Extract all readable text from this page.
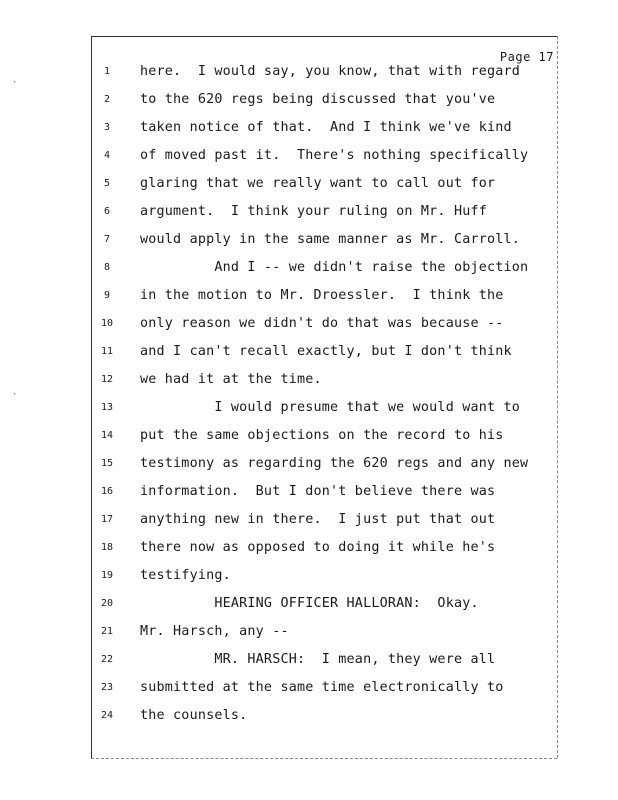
·
·
Page 17
1	here.  I would say, you know, that with regard
2	to the 620 regs being discussed that you've
3	taken notice of that.  And I think we've kind
4	of moved past it.  There's nothing specifically
5	glaring that we really want to call out for
6	argument.  I think your ruling on Mr. Huff
7	would apply in the same manner as Mr. Carroll.
8	And I -- we didn't raise the objection
9	in the motion to Mr. Droessler.  I think the
10	only reason we didn't do that was because --
11	and I can't recall exactly, but I don't think
12	we had it at the time.
13	I would presume that we would want to
14	put the same objections on the record to his
15	testimony as regarding the 620 regs and any new
16	information.  But I don't believe there was
17	anything new in there.  I just put that out
18	there now as opposed to doing it while he's
19	testifying.
20	HEARING OFFICER HALLORAN:  Okay.
21	Mr. Harsch, any --
22	MR. HARSCH:  I mean, they were all
23	submitted at the same time electronically to
24	the counsels.
